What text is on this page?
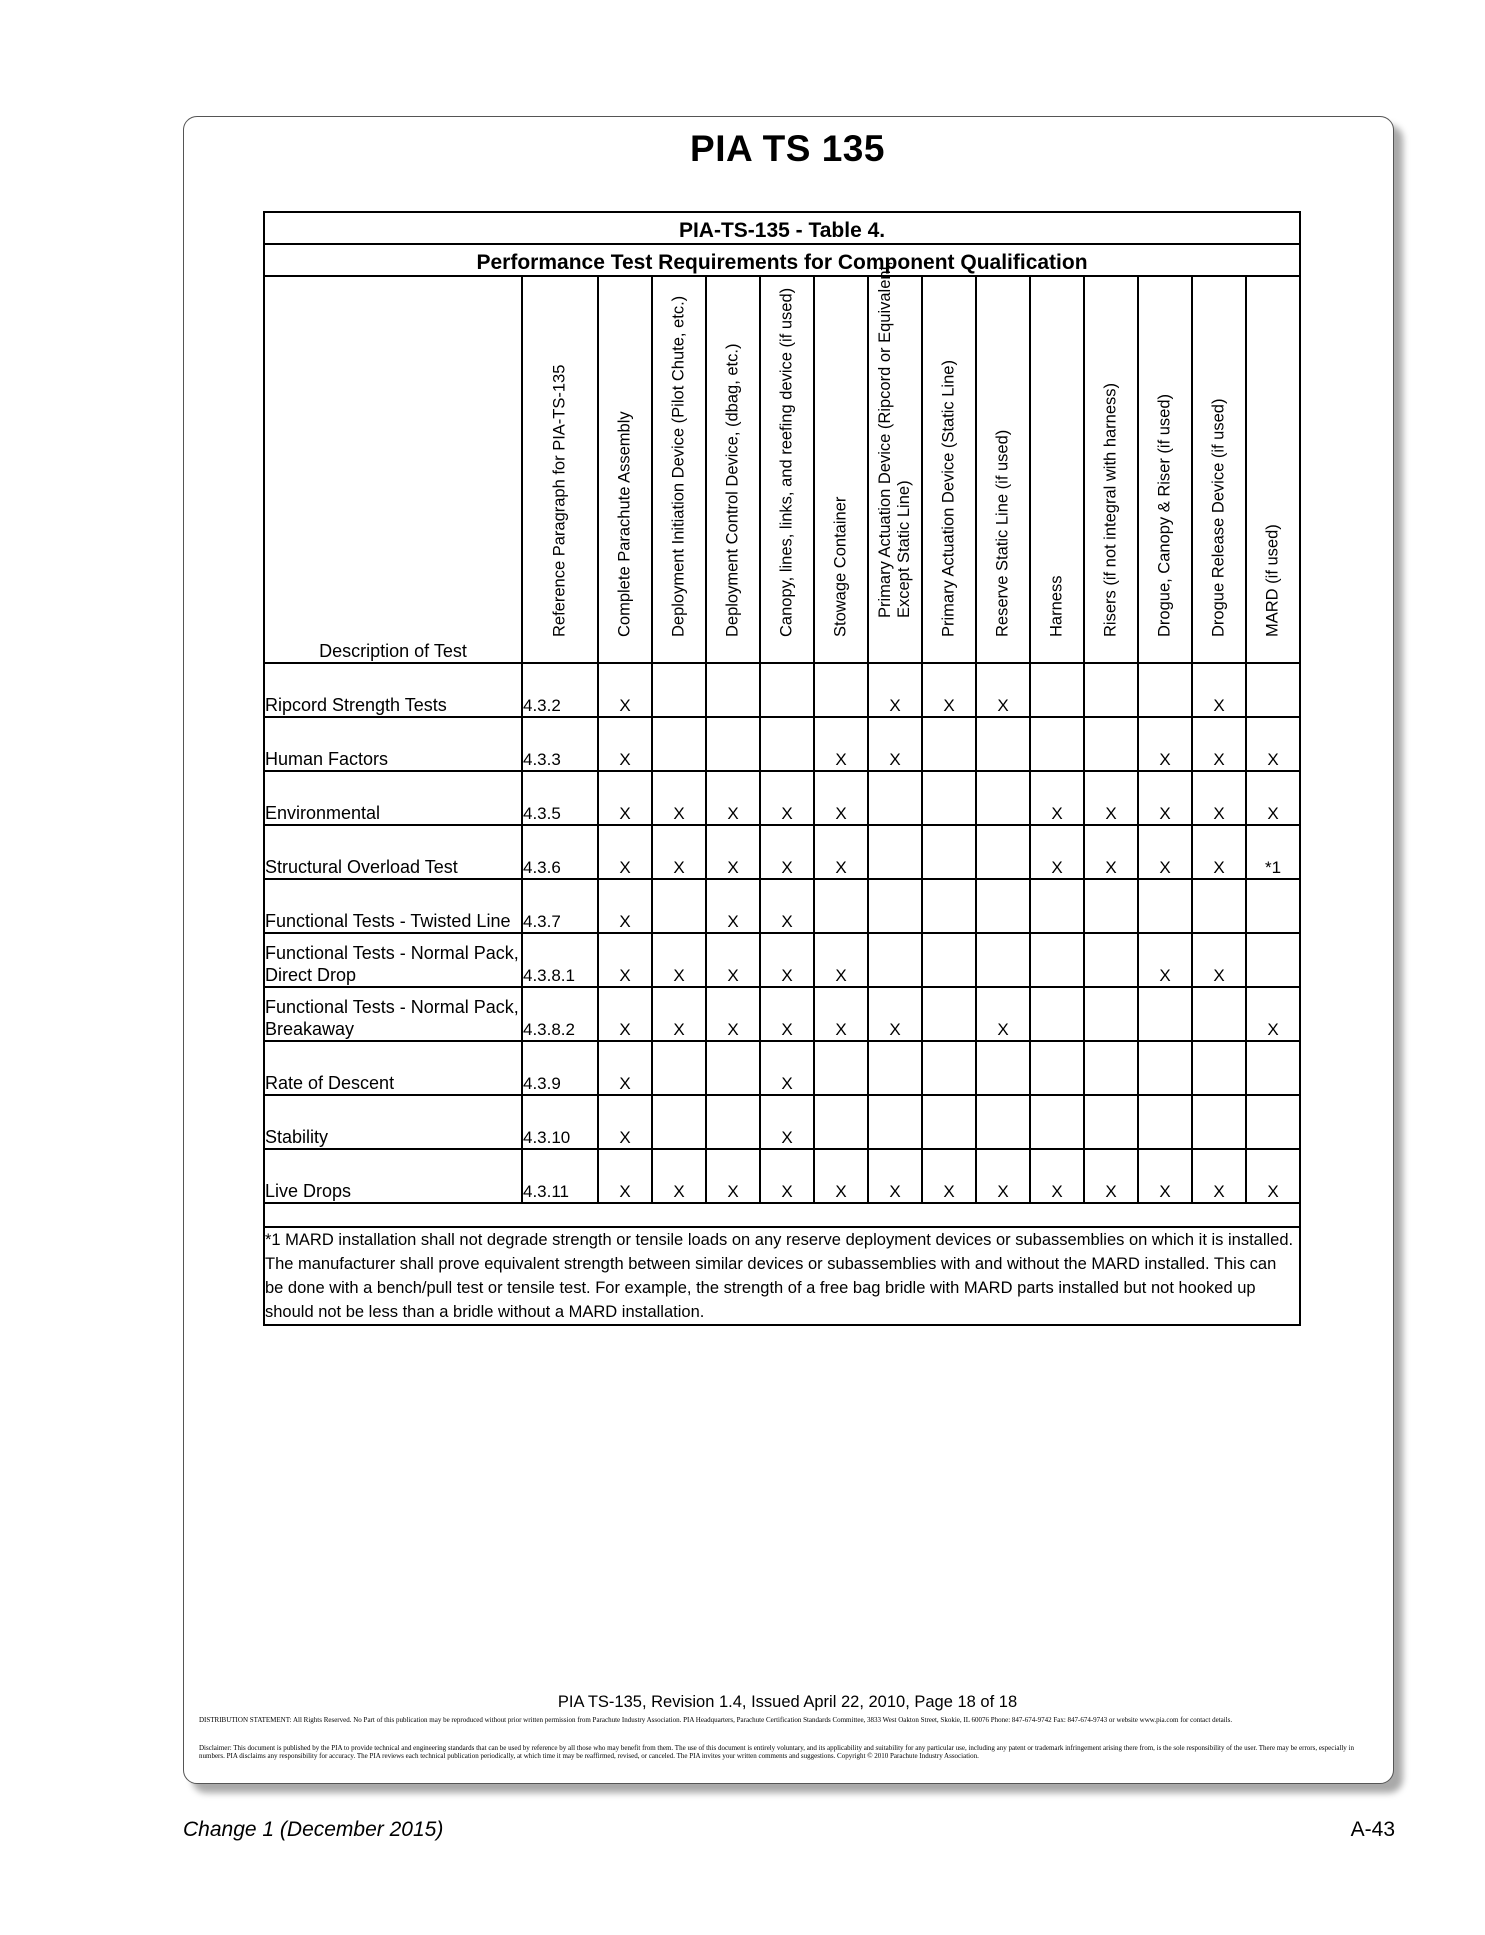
PIA TS 135
PIA-TS-135 - Table 4.														
Performance Test Requirements for Component Qualification														
Description of Test	Reference Paragraph for PIA-TS-135	Complete Parachute Assembly	Deployment Initiation Device (Pilot Chute, etc.)	Deployment Control Device, (dbag, etc.)	Canopy, lines, links, and reefing device (if used)	Stowage Container	Primary Actuation Device (Ripcord or Equivalent, Except Static Line)	Primary Actuation Device (Static Line)	Reserve Static Line (if used)	Harness	Risers (if not integral with harness)	Drogue, Canopy & Riser (if used)	Drogue Release Device (if used)	MARD (if used)

Ripcord Strength Tests	4.3.2	X					X	X	X				X	
Human Factors	4.3.3	X				X	X					X	X	X
Environmental	4.3.5	X	X	X	X	X				X	X	X	X	X
Structural Overload Test	4.3.6	X	X	X	X	X				X	X	X	X	*1
Functional Tests - Twisted Line	4.3.7	X		X	X									
Functional Tests - Normal Pack, Direct Drop	4.3.8.1	X	X	X	X	X						X	X	
Functional Tests - Normal Pack, Breakaway	4.3.8.2	X	X	X	X	X	X		X					X
Rate of Descent	4.3.9	X			X									
Stability	4.3.10	X			X									
Live Drops	4.3.11	X	X	X	X	X	X	X	X	X	X	X	X	X

*1 MARD installation shall not degrade strength or tensile loads on any reserve deployment devices or subassemblies on which it is installed. The manufacturer shall prove equivalent strength between similar devices or subassemblies with and without the MARD installed. This can be done with a bench/pull test or tensile test. For example, the strength of a free bag bridle with MARD parts installed but not hooked up should not be less than a bridle without a MARD installation.														
PIA TS-135, Revision 1.4, Issued April 22, 2010, Page 18 of 18
DISTRIBUTION STATEMENT: All Rights Reserved. No Part of this publication may be reproduced without prior written permission from Parachute Industry Association. PIA Headquarters, Parachute Certification Standards Committee, 3833 West Oakton Street, Skokie, IL 60076 Phone: 847-674-9742 Fax: 847-674-9743 or website www.pia.com for contact details.
Disclaimer: This document is published by the PIA to provide technical and engineering standards that can be used by reference by all those who may benefit from them. The use of this document is entirely voluntary, and its applicability and suitability for any particular use, including any patent or trademark infringement arising there from, is the sole responsibility of the user. There may be errors, especially in numbers. PIA disclaims any responsibility for accuracy. The PIA reviews each technical publication periodically, at which time it may be reaffirmed, revised, or canceled. The PIA invites your written comments and suggestions. Copyright © 2010 Parachute Industry Association.
Change 1 (December 2015)	A-43
